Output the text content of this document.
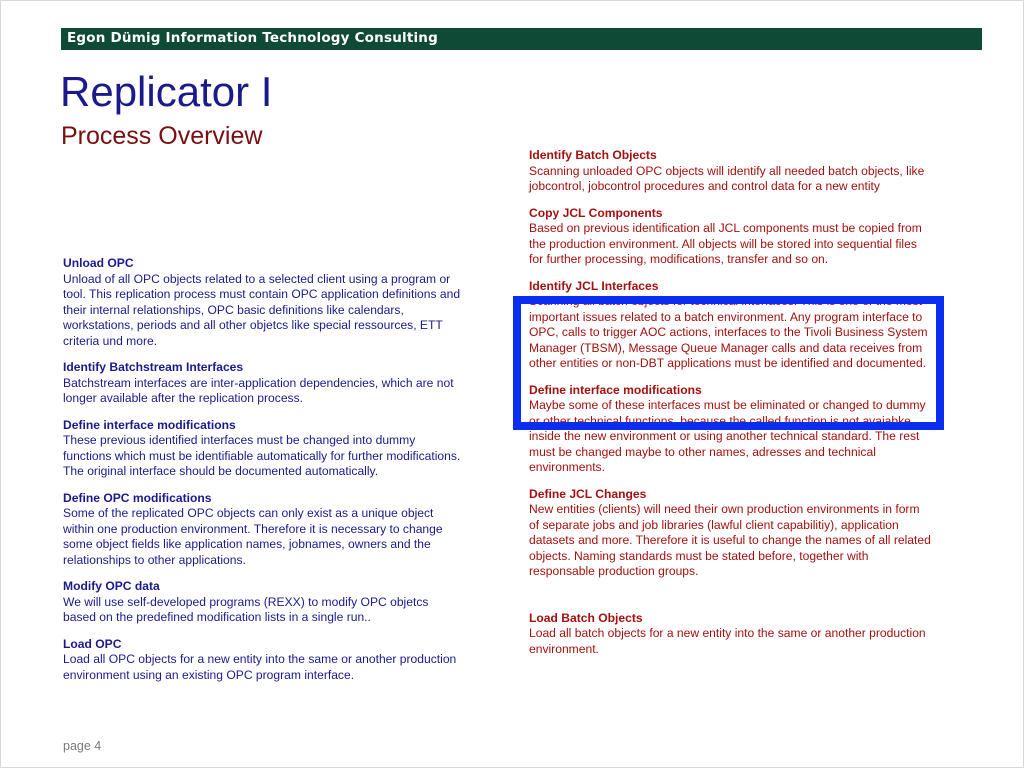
Egon Dümig Information Technology Consulting
Replicator I
Process Overview
Unload OPC
Unload of all OPC objects related to a selected client using a program or tool. This replication process must contain OPC application definitions and their internal relationships, OPC basic definitions like calendars, workstations, periods and all other objetcs like special ressources, ETT criteria und more.
Identify Batchstream Interfaces
Batchstream interfaces are inter-application dependencies, which are not longer available after the replication process.
Define interface modifications
These previous identified interfaces must be changed into dummy functions which must be identifiable automatically for further modifications. The original interface should be documented automatically.
Define OPC modifications
Some of the replicated OPC objects can only exist as a unique object within one production environment. Therefore it is necessary to change some object fields like application names, jobnames, owners and the relationships to other applications.
Modify OPC data
We will use self-developed programs (REXX) to modify OPC objetcs based on the predefined modification lists in a single run..
Load OPC
Load all OPC objects for a new entity into the same or another production environment using an existing OPC program interface.
Identify Batch Objects
Scanning unloaded OPC objects will identify all needed batch objects, like jobcontrol, jobcontrol procedures and control data for a new entity
Copy JCL Components
Based on previous identification all JCL components must be copied from the production environment. All objects will be stored into sequential files for further processing, modifications, transfer and so on.
Identify JCL Interfaces
Scanning all batch objects for technical interfaces. This is one of the most important issues related to a batch environment. Any program interface to OPC, calls to trigger AOC actions, interfaces to the Tivoli Business System Manager (TBSM), Message Queue Manager calls and data receives from other entities or non-DBT applications must be identified and documented.
Define interface modifications
Maybe some of these interfaces must be eliminated or changed to dummy or other technical functions, because the called function is not avaiabke inside the new environment or using another technical standard. The rest must be changed maybe to other names, adresses and technical environments.
Define JCL Changes
New entities (clients) will need their own production environments in form of separate jobs and job libraries (lawful client capabilitiy), application datasets and more. Therefore it is useful to change the names of all related objects. Naming standards must be stated before, together with responsable production groups.
Load Batch Objects
Load all batch objects for a new entity into the same or another production environment.
page 4
